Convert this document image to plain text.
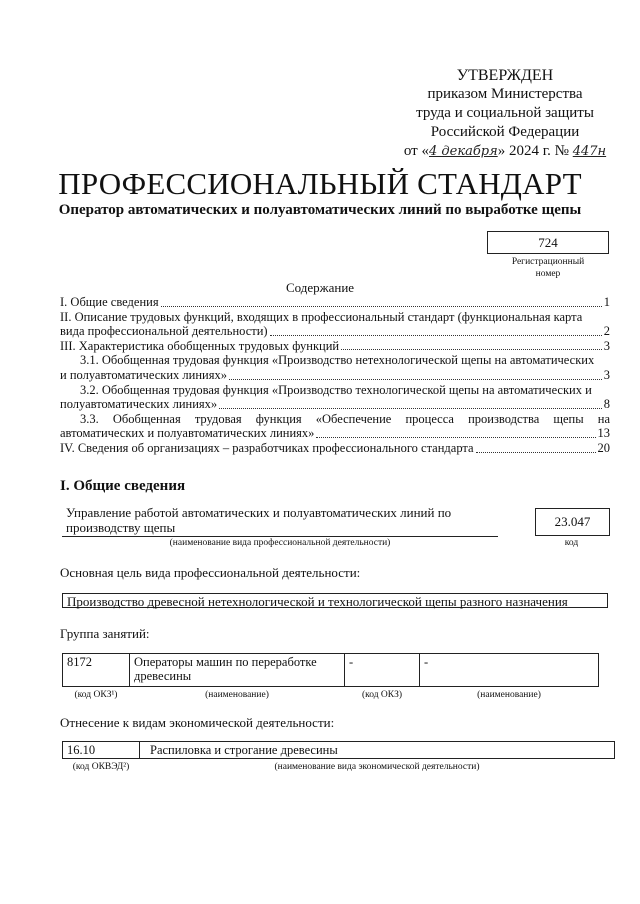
УТВЕРЖДЕН
приказом Министерства
труда и социальной защиты
Российской Федерации
от «4 декабря» 2024 г. № 447н
ПРОФЕССИОНАЛЬНЫЙ СТАНДАРТ
Оператор автоматических и полуавтоматических линий по выработке щепы
724
Регистрационный
номер
Содержание
I. Общие сведения	1
II. Описание трудовых функций, входящих в профессиональный стандарт (функциональная карта
вида профессиональной деятельности)	2
III. Характеристика обобщенных трудовых функций	3
3.1. Обобщенная трудовая функция «Производство нетехнологической щепы на автоматических
и полуавтоматических линиях»	3
3.2. Обобщенная трудовая функция «Производство технологической щепы на автоматических и
полуавтоматических линиях»	8
3.3. Обобщенная трудовая функция «Обеспечение процесса производства щепы на
автоматических и полуавтоматических линиях»	13
IV. Сведения об организациях – разработчиках профессионального стандарта	20
I. Общие сведения
Управление работой автоматических и полуавтоматических линий по производству щепы
(наименование вида профессиональной деятельности)
23.047
код
Основная цель вида профессиональной деятельности:
Производство древесной нетехнологической и технологической щепы разного назначения
Группа занятий:
8172	Операторы машин по переработке древесины	-	-
(код ОКЗ¹)	(наименование)	(код ОКЗ)	(наименование)
Отнесение к видам экономической деятельности:
16.10	Распиловка и строгание древесины
(код ОКВЭД²)	(наименование вида экономической деятельности)
